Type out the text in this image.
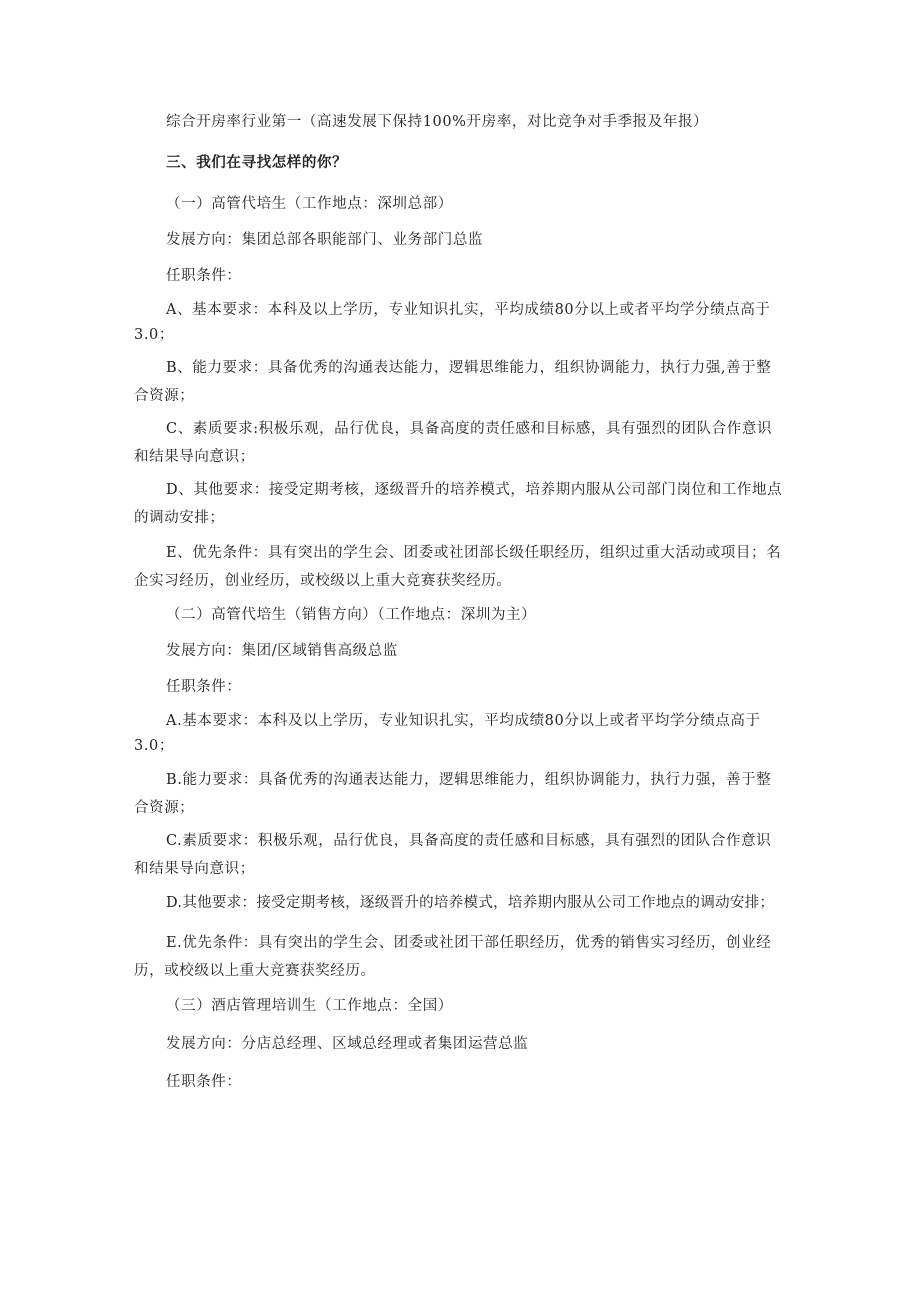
综合开房率行业第一（高速发展下保持100%开房率，对比竞争对手季报及年报）
三、我们在寻找怎样的你？
（一）高管代培生（工作地点：深圳总部）
发展方向：集团总部各职能部门、业务部门总监
任职条件：
A、基本要求：本科及以上学历，专业知识扎实，平均成绩80分以上或者平均学分绩点高于
3.0；
B、能力要求：具备优秀的沟通表达能力，逻辑思维能力，组织协调能力，执行力强,善于整
合资源；
C、素质要求:积极乐观，品行优良，具备高度的责任感和目标感，具有强烈的团队合作意识
和结果导向意识；
D、其他要求：接受定期考核，逐级晋升的培养模式，培养期内服从公司部门岗位和工作地点
的调动安排；
E、优先条件：具有突出的学生会、团委或社团部长级任职经历，组织过重大活动或项目；名
企实习经历，创业经历，或校级以上重大竞赛获奖经历。
（二）高管代培生（销售方向）（工作地点：深圳为主）
发展方向：集团/区域销售高级总监
任职条件：
A.基本要求：本科及以上学历，专业知识扎实，平均成绩80分以上或者平均学分绩点高于
3.0；
B.能力要求：具备优秀的沟通表达能力，逻辑思维能力，组织协调能力，执行力强，善于整
合资源；
C.素质要求：积极乐观，品行优良，具备高度的责任感和目标感，具有强烈的团队合作意识
和结果导向意识；
D.其他要求：接受定期考核，逐级晋升的培养模式，培养期内服从公司工作地点的调动安排；
E.优先条件：具有突出的学生会、团委或社团干部任职经历，优秀的销售实习经历，创业经
历，或校级以上重大竞赛获奖经历。
（三）酒店管理培训生（工作地点：全国）
发展方向：分店总经理、区域总经理或者集团运营总监
任职条件：
